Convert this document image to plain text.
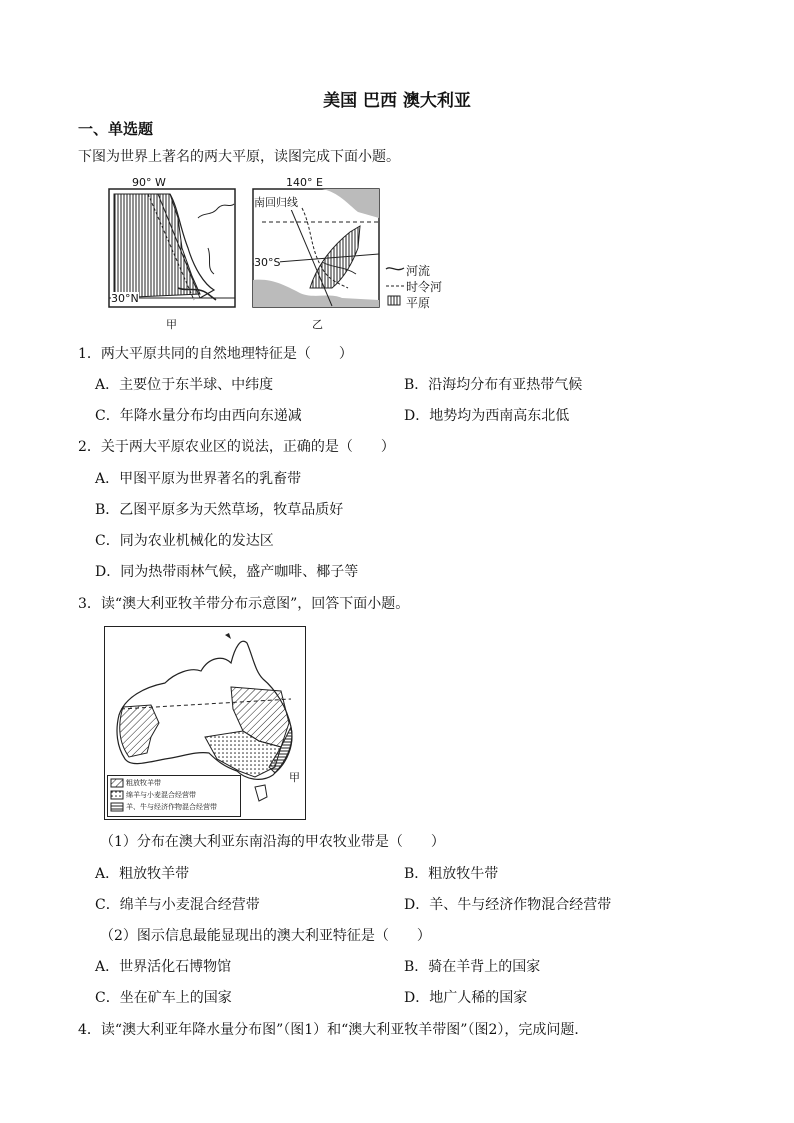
美国 巴西 澳大利亚
一、单选题
下图为世界上著名的两大平原，读图完成下面小题。
90° W
30°N
甲
140° E
南回归线
30°S
乙
河流
时令河
平原
1．两大平原共同的自然地理特征是（　　）
A．主要位于东半球、中纬度	B．沿海均分布有亚热带气候
C．年降水量分布均由西向东递减	D．地势均为西南高东北低
2．关于两大平原农业区的说法，正确的是（　　）
A．甲图平原为世界著名的乳畜带
B．乙图平原多为天然草场，牧草品质好
C．同为农业机械化的发达区
D．同为热带雨林气候，盛产咖啡、椰子等
3．读“澳大利亚牧羊带分布示意图”，回答下面小题。
甲
粗放牧羊带
绵羊与小麦混合经营带
羊、牛与经济作物混合经营带
（1）分布在澳大利亚东南沿海的甲农牧业带是（　　）
A．粗放牧羊带	B．粗放牧牛带
C．绵羊与小麦混合经营带	D．羊、牛与经济作物混合经营带
（2）图示信息最能显现出的澳大利亚特征是（　　）
A．世界活化石博物馆	B．骑在羊背上的国家
C．坐在矿车上的国家	D．地广人稀的国家
4．读“澳大利亚年降水量分布图”（图1）和“澳大利亚牧羊带图”（图2），完成问题．
